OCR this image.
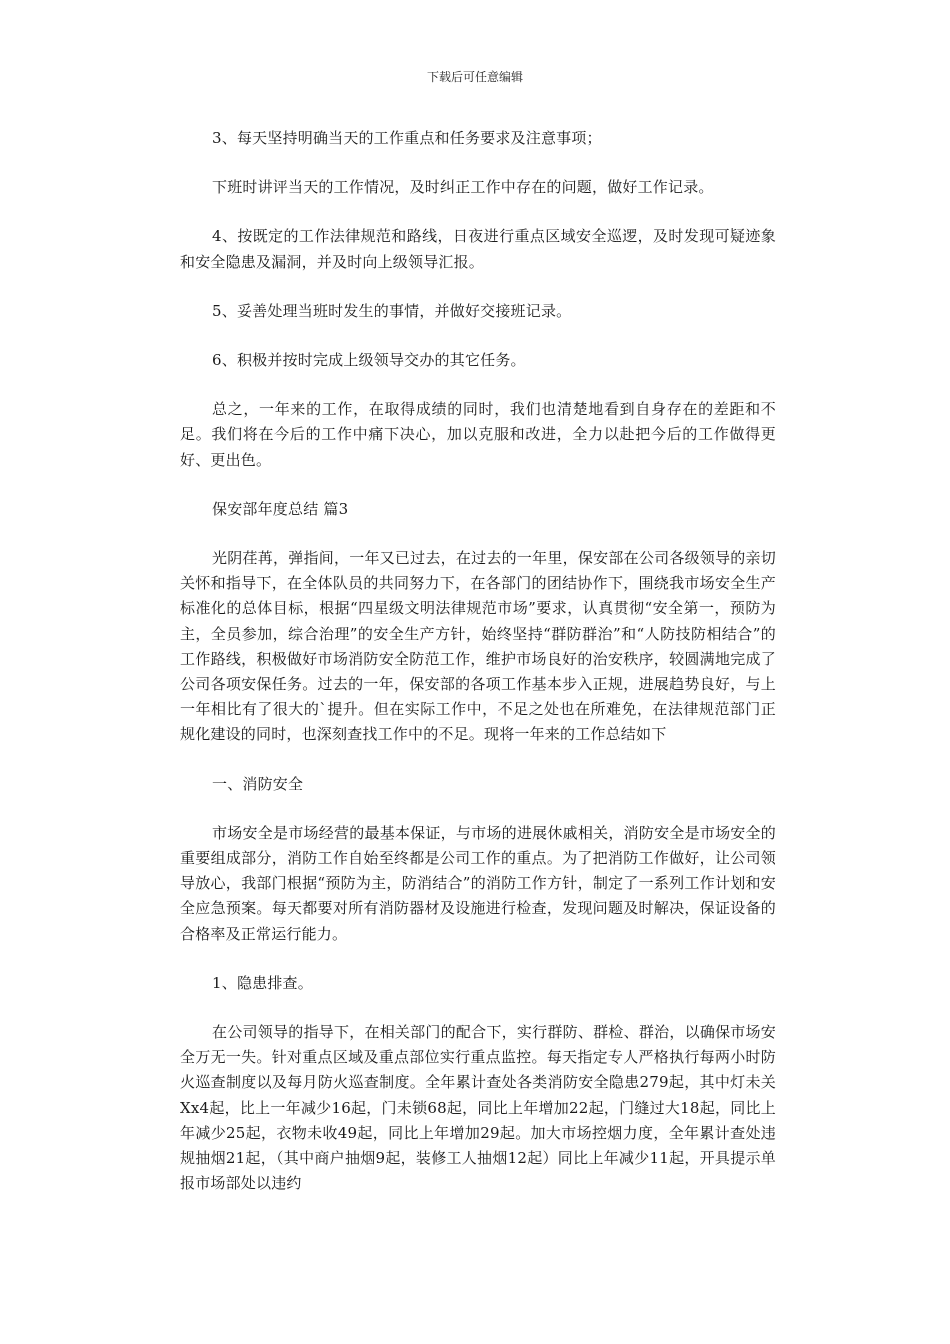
下载后可任意编辑

3、每天坚持明确当天的工作重点和任务要求及注意事项；

下班时讲评当天的工作情况，及时纠正工作中存在的问题，做好工作记录。

4、按既定的工作法律规范和路线，日夜进行重点区域安全巡逻，及时发现可疑迹象和安全隐患及漏洞，并及时向上级领导汇报。

5、妥善处理当班时发生的事情，并做好交接班记录。

6、积极并按时完成上级领导交办的其它任务。

总之，一年来的工作，在取得成绩的同时，我们也清楚地看到自身存在的差距和不足。我们将在今后的工作中痛下决心，加以克服和改进，全力以赴把今后的工作做得更好、更出色。

保安部年度总结 篇3

光阴荏苒，弹指间，一年又已过去，在过去的一年里，保安部在公司各级领导的亲切关怀和指导下，在全体队员的共同努力下，在各部门的团结协作下，围绕我市场安全生产标准化的总体目标，根据“四星级文明法律规范市场”要求，认真贯彻“安全第一，预防为主，全员参加，综合治理”的安全生产方针，始终坚持“群防群治”和“人防技防相结合”的工作路线，积极做好市场消防安全防范工作，维护市场良好的治安秩序，较圆满地完成了公司各项安保任务。过去的一年，保安部的各项工作基本步入正规，进展趋势良好，与上一年相比有了很大的`提升。但在实际工作中，不足之处也在所难免，在法律规范部门正规化建设的同时，也深刻查找工作中的不足。现将一年来的工作总结如下

一、消防安全

市场安全是市场经营的最基本保证，与市场的进展休戚相关，消防安全是市场安全的重要组成部分，消防工作自始至终都是公司工作的重点。为了把消防工作做好，让公司领导放心，我部门根据“预防为主，防消结合”的消防工作方针，制定了一系列工作计划和安全应急预案。每天都要对所有消防器材及设施进行检查，发现问题及时解决，保证设备的合格率及正常运行能力。

1、隐患排查。

在公司领导的指导下，在相关部门的配合下，实行群防、群检、群治，以确保市场安全万无一失。针对重点区域及重点部位实行重点监控。每天指定专人严格执行每两小时防火巡查制度以及每月防火巡查制度。全年累计查处各类消防安全隐患279起，其中灯未关Xx4起，比上一年减少16起，门未锁68起，同比上年增加22起，门缝过大18起，同比上年减少25起，衣物未收49起，同比上年增加29起。加大市场控烟力度，全年累计查处违规抽烟21起，（其中商户抽烟9起，装修工人抽烟12起）同比上年减少11起，开具提示单报市场部处以违约
